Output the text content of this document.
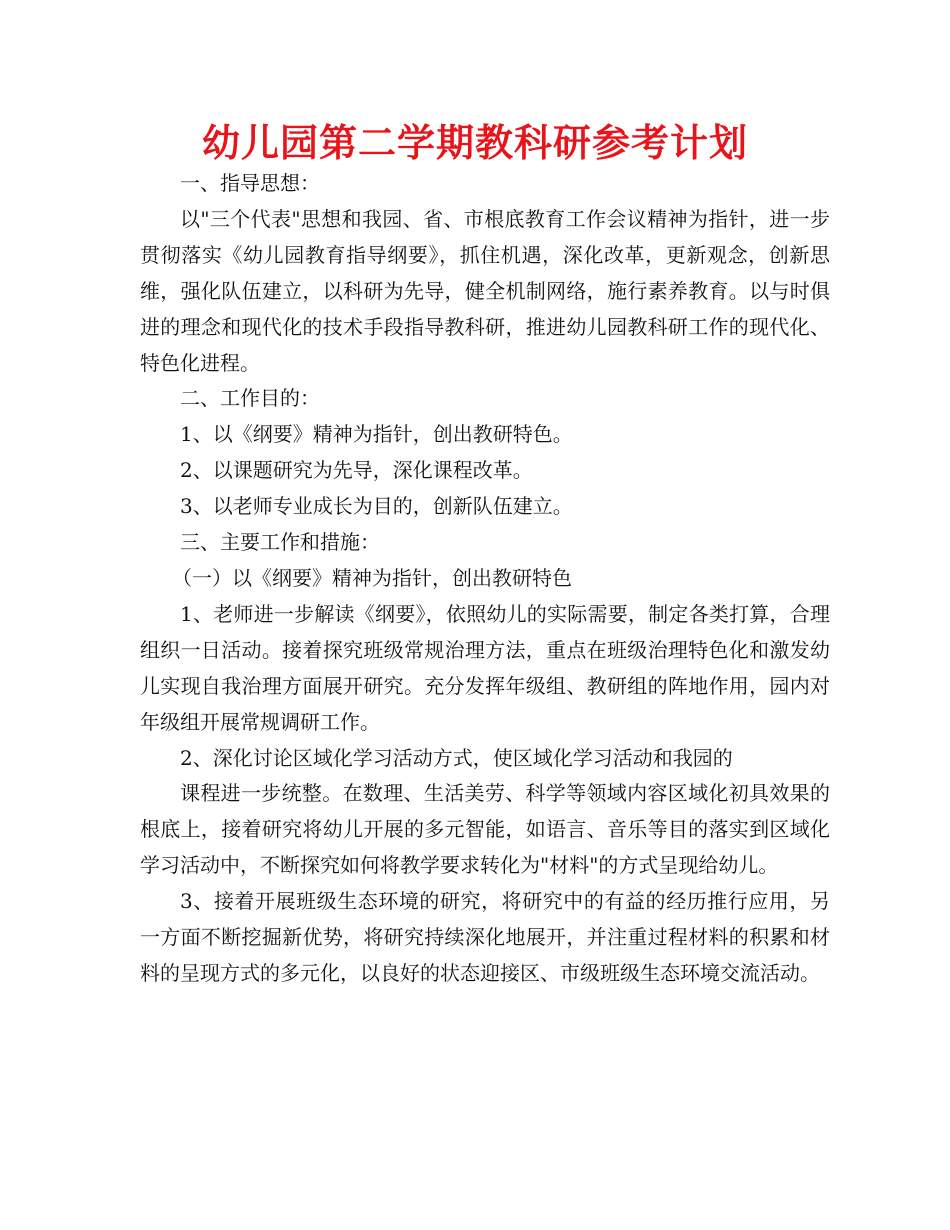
幼儿园第二学期教科研参考计划

一、指导思想：

以"三个代表"思想和我园、省、市根底教育工作会议精神为指针，进一步贯彻落实《幼儿园教育指导纲要》，抓住机遇，深化改革，更新观念，创新思维，强化队伍建立，以科研为先导，健全机制网络，施行素养教育。以与时俱进的理念和现代化的技术手段指导教科研，推进幼儿园教科研工作的现代化、特色化进程。

二、工作目的：

1、以《纲要》精神为指针，创出教研特色。

2、以课题研究为先导，深化课程改革。

3、以老师专业成长为目的，创新队伍建立。

三、主要工作和措施：

（一）以《纲要》精神为指针，创出教研特色

1、老师进一步解读《纲要》，依照幼儿的实际需要，制定各类打算，合理组织一日活动。接着探究班级常规治理方法，重点在班级治理特色化和激发幼儿实现自我治理方面展开研究。充分发挥年级组、教研组的阵地作用，园内对年级组开展常规调研工作。

2、深化讨论区域化学习活动方式，使区域化学习活动和我园的

课程进一步统整。在数理、生活美劳、科学等领域内容区域化初具效果的根底上，接着研究将幼儿开展的多元智能，如语言、音乐等目的落实到区域化学习活动中，不断探究如何将教学要求转化为"材料"的方式呈现给幼儿。

3、接着开展班级生态环境的研究，将研究中的有益的经历推行应用，另一方面不断挖掘新优势，将研究持续深化地展开，并注重过程材料的积累和材料的呈现方式的多元化，以良好的状态迎接区、市级班级生态环境交流活动。
